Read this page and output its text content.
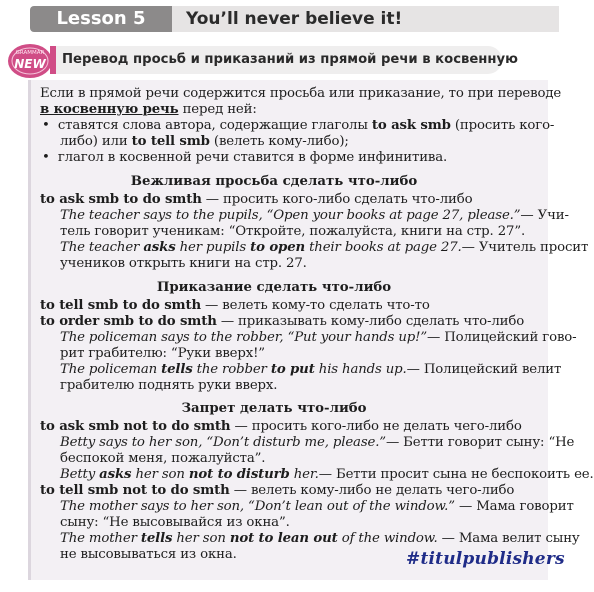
Lesson 5	You’ll never believe it!
GRAMMAR
NEW Перевод просьб и приказаний из прямой речи в косвенную
Если в прямой речи содержится просьба или приказание, то при переводе
в косвенную речь перед ней:
• ставятся слова автора, содержащие глаголы to ask smb (просить кого-
либо) или to tell smb (велеть кому-либо);
• глагол в косвенной речи ставится в форме инфинитива.
Вежливая просьба сделать что-либо
to ask smb to do smth — просить кого-либо сделать что-либо
The teacher says to the pupils, “Open your books at page 27, please.”— Учи-
тель говорит ученикам: “Откройте, пожалуйста, книги на стр. 27”.
The teacher asks her pupils to open their books at page 27.— Учитель просит
учеников открыть книги на стр. 27.
Приказание сделать что-либо
to tell smb to do smth — велеть кому-то сделать что-то
to order smb to do smth — приказывать кому-либо сделать что-либо
The policeman says to the robber, “Put your hands up!”— Полицейский гово-
рит грабителю: “Руки вверх!”
The policeman tells the robber to put his hands up.— Полицейский велит
грабителю поднять руки вверх.
Запрет делать что-либо
to ask smb not to do smth — просить кого-либо не делать чего-либо
Betty says to her son, “Don’t disturb me, please.”— Бетти говорит сыну: “Не
беспокой меня, пожалуйста”.
Betty asks her son not to disturb her.— Бетти просит сына не беспокоить ее.
to tell smb not to do smth — велеть кому-либо не делать чего-либо
The mother says to her son, “Don’t lean out of the window.” — Мама говорит
сыну: “Не высовывайся из окна”.
The mother tells her son not to lean out of the window. — Мама велит сыну
не высовываться из окна.	#titulpublishers
